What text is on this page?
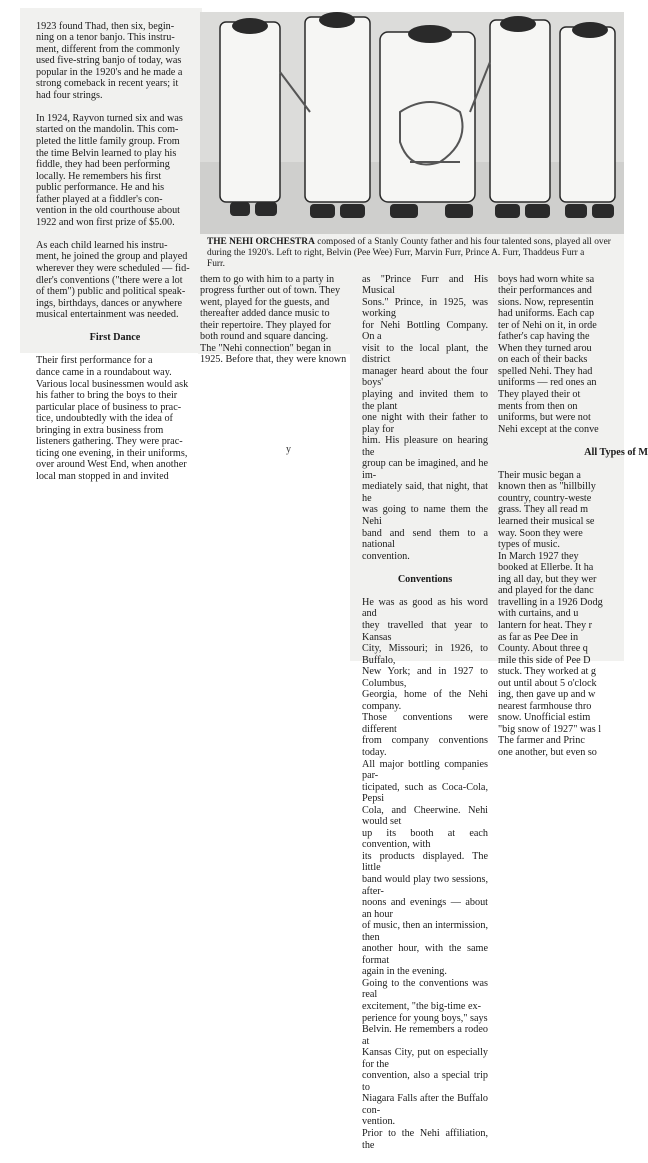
1923 found Thad, then six, begin-
ning on a tenor banjo. This instru-
ment, different from the commonly
used five-string banjo of today, was
popular in the 1920's and he made a
strong comeback in recent years; it
had four strings.

In 1924, Rayvon turned six and was
started on the mandolin. This com-
pleted the little family group. From
the time Belvin learned to play his
fiddle, they had been performing
locally. He remembers his first
public performance. He and his
father played at a fiddler's con-
vention in the old courthouse about
1922 and won first prize of $5.00.

As each child learned his instru-
ment, he joined the group and played
wherever they were scheduled — fid-
dler's conventions ("there were a lot
of them") public and political speak-
ings, birthdays, dances or anywhere
musical entertainment was needed.

First Dance

Their first performance for a
dance came in a roundabout way.
Various local businessmen would ask
his father to bring the boys to their
particular place of business to prac-
tice, undoubtedly with the idea of
bringing in extra business from
listeners gathering. They were prac-
ticing one evening, in their uniforms,
over around West End, when another
local man stopped in and invited

THE NEHI ORCHESTRA composed of a Stanly County father and his four talented sons, played all over
during the 1920's. Left to right, Belvin (Pee Wee) Furr, Marvin Furr, Prince A. Furr, Thaddeus Furr a
Furr.

them to go with him to a party in
progress further out of town. They
went, played for the guests, and
thereafter added dance music to
their repertoire. They played for
both round and square dancing.
The "Nehi connection" began in
1925. Before that, they were known

as "Prince Furr and His Musical
Sons." Prince, in 1925, was working
for Nehi Bottling Company. On a
visit to the local plant, the district
manager heard about the four boys'
playing and invited them to the plant
one night with their father to play for
him. His pleasure on hearing the
group can be imagined, and he im-
mediately said, that night, that he
was going to name them the Nehi
band and send them to a national
convention.

Conventions

He was as good as his word and
they travelled that year to Kansas
City, Missouri; in 1926, to Buffalo,
New York; and in 1927 to Columbus,
Georgia, home of the Nehi company.
Those conventions were different
from company conventions today.
All major bottling companies par-
ticipated, such as Coca-Cola, Pepsi
Cola, and Cheerwine. Nehi would set
up its booth at each convention, with
its products displayed. The little
band would play two sessions, after-
noons and evenings — about an hour
of music, then an intermission, then
another hour, with the same format
again in the evening.
Going to the conventions was real
excitement, "the big-time ex-
perience for young boys," says
Belvin. He remembers a rodeo at
Kansas City, put on especially for the
convention, also a special trip to
Niagara Falls after the Buffalo con-
vention.
Prior to the Nehi affiliation, the

boys had worn white sa
their performances and
sions. Now, representin
had uniforms. Each cap
ter of Nehi on it, in orde
father's cap having the
When they turned arou
on each of their backs
spelled Nehi. They had
uniforms — red ones an
They played their ot
ments from then on
uniforms, but were not
Nehi except at the conve

All Types of M

Their music began a
known then as "hillbilly
country, country-weste
grass. They all read m
learned their musical se
way. Soon they were
types of music.
In March 1927 they
booked at Ellerbe. It ha
ing all day, but they wer
and played for the danc
travelling in a 1926 Dodg
with curtains, and u
lantern for heat. They r
as far as Pee Dee in
County. About three q
mile this side of Pee D
stuck. They worked at g
out until about 5 o'clock
ing, then gave up and w
nearest farmhouse thro
snow. Unofficial estim
"big snow of 1927" was l
The farmer and Princ
one another, but even so

y
